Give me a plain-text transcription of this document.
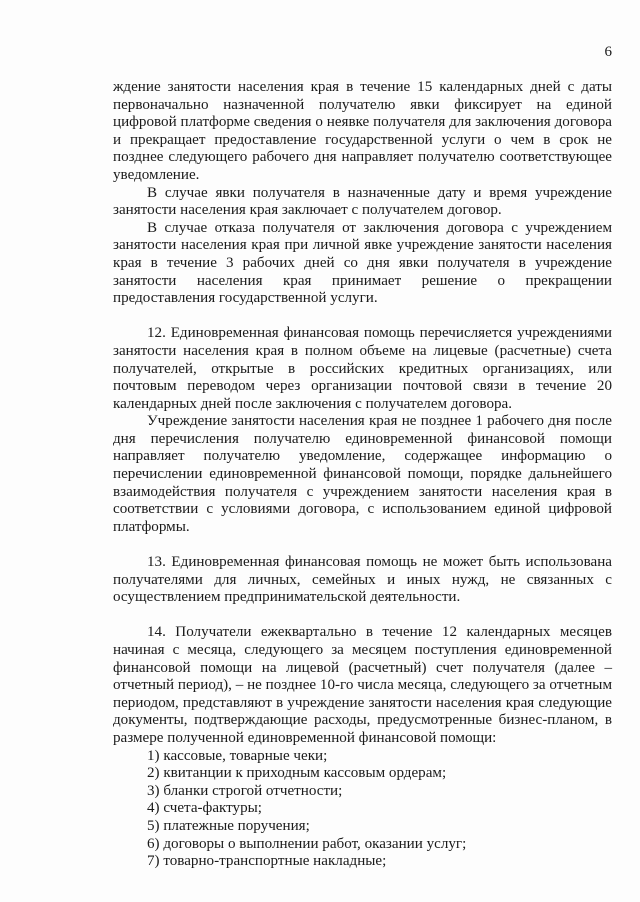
6

ждение занятости населения края в течение 15 календарных дней с даты первоначально назначенной получателю явки фиксирует на единой цифровой платформе сведения о неявке получателя для заключения договора и прекращает предоставление государственной услуги о чем в срок не позднее следующего рабочего дня направляет получателю соответствующее уведомление.

В случае явки получателя в назначенные дату и время учреждение занятости населения края заключает с получателем договор.

В случае отказа получателя от заключения договора с учреждением занятости населения края при личной явке учреждение занятости населения края в течение 3 рабочих дней со дня явки получателя в учреждение занятости населения края принимает решение о прекращении предоставления государственной услуги.

12. Единовременная финансовая помощь перечисляется учреждениями занятости населения края в полном объеме на лицевые (расчетные) счета получателей, открытые в российских кредитных организациях, или почтовым переводом через организации почтовой связи в течение 20 календарных дней после заключения с получателем договора.

Учреждение занятости населения края не позднее 1 рабочего дня после дня перечисления получателю единовременной финансовой помощи направляет получателю уведомление, содержащее информацию о перечислении единовременной финансовой помощи, порядке дальнейшего взаимодействия получателя с учреждением занятости населения края в соответствии с условиями договора, с использованием единой цифровой платформы.

13. Единовременная финансовая помощь не может быть использована получателями для личных, семейных и иных нужд, не связанных с осуществлением предпринимательской деятельности.

14. Получатели ежеквартально в течение 12 календарных месяцев начиная с месяца, следующего за месяцем поступления единовременной финансовой помощи на лицевой (расчетный) счет получателя (далее – отчетный период), – не позднее 10-го числа месяца, следующего за отчетным периодом, представляют в учреждение занятости населения края следующие документы, подтверждающие расходы, предусмотренные бизнес-планом, в размере полученной единовременной финансовой помощи:

1) кассовые, товарные чеки;

2) квитанции к приходным кассовым ордерам;

3) бланки строгой отчетности;

4) счета-фактуры;

5) платежные поручения;

6) договоры о выполнении работ, оказании услуг;

7) товарно-транспортные накладные;
